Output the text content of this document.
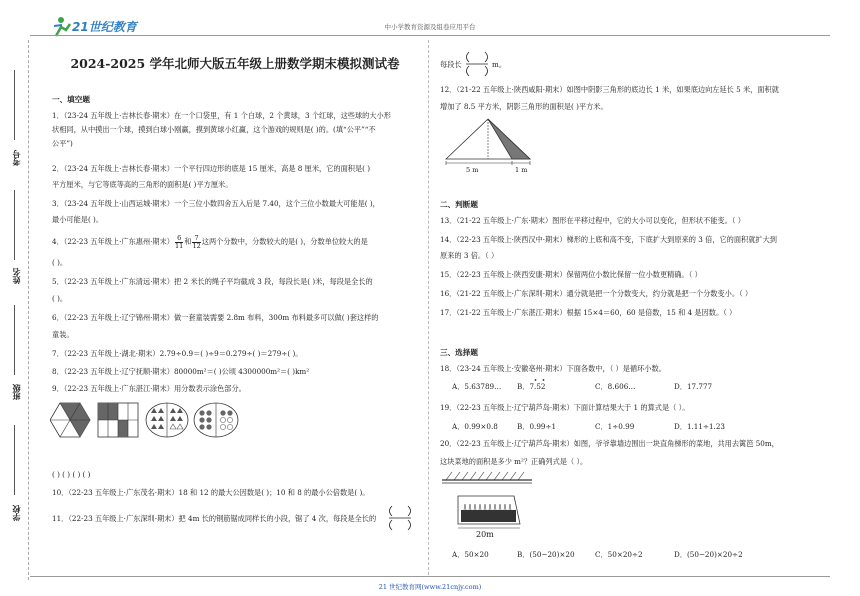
21世纪教育	中小学教育资源及组卷应用平台
2024-2025 学年北师大版五年级上册数学期末模拟测试卷
考号
姓名
班级
学校
一、填空题
1．（23-24 五年级上·吉林长春·期末）在一个口袋里，有 1 个白球，2 个黄球，3 个红球，这些球的大小形
状相同，从中摸出一个球，摸到白球小刚赢，摸到黄球小红赢，这个游戏的规则是( )的。(填“公平”“不
公平”)
2．（23-24 五年级上·吉林长春·期末）一个平行四边形的底是 15 厘米，高是 8 厘米，它的面积是( )
平方厘米，与它等底等高的三角形的面积是( )平方厘米。
3．（23-24 五年级上·山西运城·期末）一个三位小数四舍五入后是 7.40，这个三位小数最大可能是( )，
最小可能是( )。
4．（22-23 五年级上·广东惠州·期末） $\frac{6}{11}$ 和 $\frac{7}{12}$ 这两个分数中，分数较大的是( )，分数单位较大的是
( )。
5．（22-23 五年级上·广东清远·期末）把 2 米长的绳子平均截成 3 段，每段长是( )米，每段是全长的
( )。
6．（22-23 五年级上·辽宁锦州·期末）做一套童装需要 2.8m 布料，300m 布料最多可以做( )套这样的
童装。
7．（22-23 五年级上·湖北·期末）2.79÷0.9＝( )÷9＝0.279÷( )＝279÷( )。
8．（22-23 五年级上·辽宁抚顺·期末）80000m²＝( )公顷 4300000m²＝( )km²
9．（22-23 五年级上·广东湛江·期末）用分数表示涂色部分。
( ) ( ) ( ) ( )
10．（22-23 五年级上·广东茂名·期末）18 和 12 的最大公因数是( )；10 和 8 的最小公倍数是( )。
11．（22-23 五年级上·广东深圳·期末）把 4m 长的钢筋锯成同样长的小段，锯了 4 次，每段是全长的
每段长	m。
12．（21-22 五年级上·陕西咸阳·期末）如图中阴影三角形的底边长 1 米，如果底边向左延长 5 米，面积就
增加了 8.5 平方米，阴影三角形的面积是( )平方米。
5 m	1 m
二、判断题
13．（21-22 五年级上·广东·期末）图形在平移过程中，它的大小可以变化，但形状不能变。（ ）
14．（22-23 五年级上·陕西汉中·期末）梯形的上底和高不变，下底扩大到原来的 3 倍，它的面积就扩大到
原来的 3 倍。（ ）
15．（22-23 五年级上·陕西安康·期末）保留两位小数比保留一位小数更精确。（ ）
16．（21-22 五年级上·广东深圳·期末）通分就是把一个分数变大，约分就是把一个分数变小。（ ）
17．（21-22 五年级上·广东湛江·期末）根据 15×4＝60，60 是倍数，15 和 4 是因数。（ ）
三、选择题
18．（23-24 五年级上·安徽亳州·期末）下面各数中，（ ）是循环小数。
A．5.63789… B．7.52	C．8.606…	D．17.777
19．（22-23 五年级上·辽宁葫芦岛·期末）下面计算结果大于 1 的算式是（ ）。
A．0.99×0.8	B．0.99÷1	C．1÷0.99	D．1.11÷1.23
20．（22-23 五年级上·辽宁葫芦岛·期末）如图，爷爷靠墙边围出一块直角梯形的菜地，共用去篱笆 50m，
这块菜地的面积是多少 m²？正确列式是（ ）。
20m
A．50×20	B．(50−20)×20	C．50×20÷2	D．(50−20)×20÷2
21 世纪教育网(www.21cnjy.com)
